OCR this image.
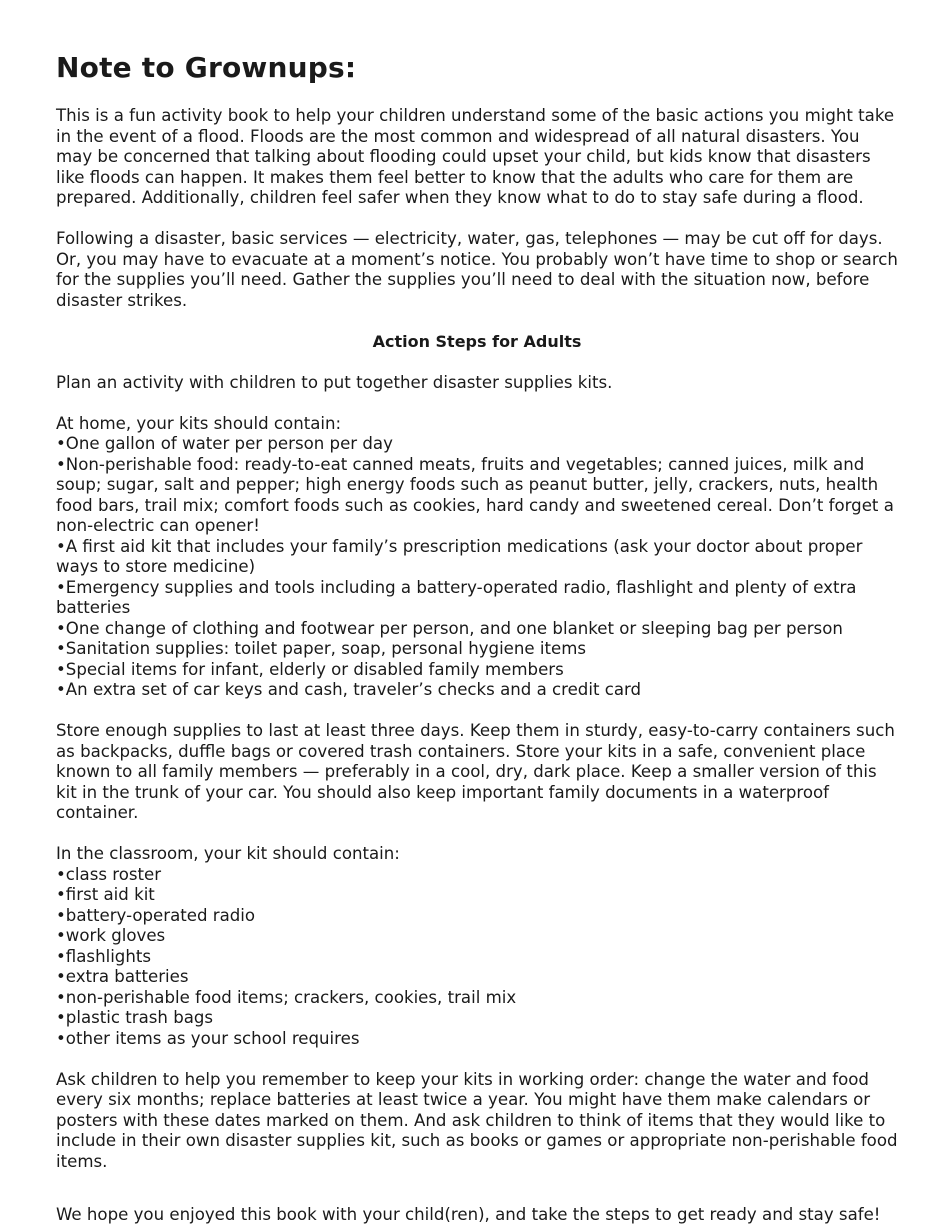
Note to Grownups:

This is a fun activity book to help your children understand some of the basic actions you might take in the event of a flood. Floods are the most common and widespread of all natural disasters. You may be concerned that talking about flooding could upset your child, but kids know that disasters like floods can happen. It makes them feel better to know that the adults who care for them are prepared. Additionally, children feel safer when they know what to do to stay safe during a flood.

Following a disaster, basic services — electricity, water, gas, telephones — may be cut off for days. Or, you may have to evacuate at a moment’s notice. You probably won’t have time to shop or search for the supplies you’ll need. Gather the supplies you’ll need to deal with the situation now, before disaster strikes.

Action Steps for Adults

Plan an activity with children to put together disaster supplies kits.

At home, your kits should contain:

•One gallon of water per person per day

•Non-perishable food: ready-to-eat canned meats, fruits and vegetables; canned juices, milk and soup; sugar, salt and pepper; high energy foods such as peanut butter, jelly, crackers, nuts, health food bars, trail mix; comfort foods such as cookies, hard candy and sweetened cereal. Don’t forget a non-electric can opener!

•A first aid kit that includes your family’s prescription medications (ask your doctor about proper ways to store medicine)

•Emergency supplies and tools including a battery-operated radio, flashlight and plenty of extra batteries

•One change of clothing and footwear per person, and one blanket or sleeping bag per person

•Sanitation supplies: toilet paper, soap, personal hygiene items

•Special items for infant, elderly or disabled family members

•An extra set of car keys and cash, traveler’s checks and a credit card

Store enough supplies to last at least three days. Keep them in sturdy, easy-to-carry containers such as backpacks, duffle bags or covered trash containers. Store your kits in a safe, convenient place known to all family members — preferably in a cool, dry, dark place. Keep a smaller version of this kit in the trunk of your car. You should also keep important family documents in a waterproof container.

In the classroom, your kit should contain:

•class roster

•first aid kit

•battery-operated radio

•work gloves

•flashlights

•extra batteries

•non-perishable food items; crackers, cookies, trail mix

•plastic trash bags

•other items as your school requires

Ask children to help you remember to keep your kits in working order: change the water and food every six months; replace batteries at least twice a year. You might have them make calendars or posters with these dates marked on them. And ask children to think of items that they would like to include in their own disaster supplies kit, such as books or games or appropriate non-perishable food items.

We hope you enjoyed this book with your child(ren), and take the steps to get ready and stay safe!
